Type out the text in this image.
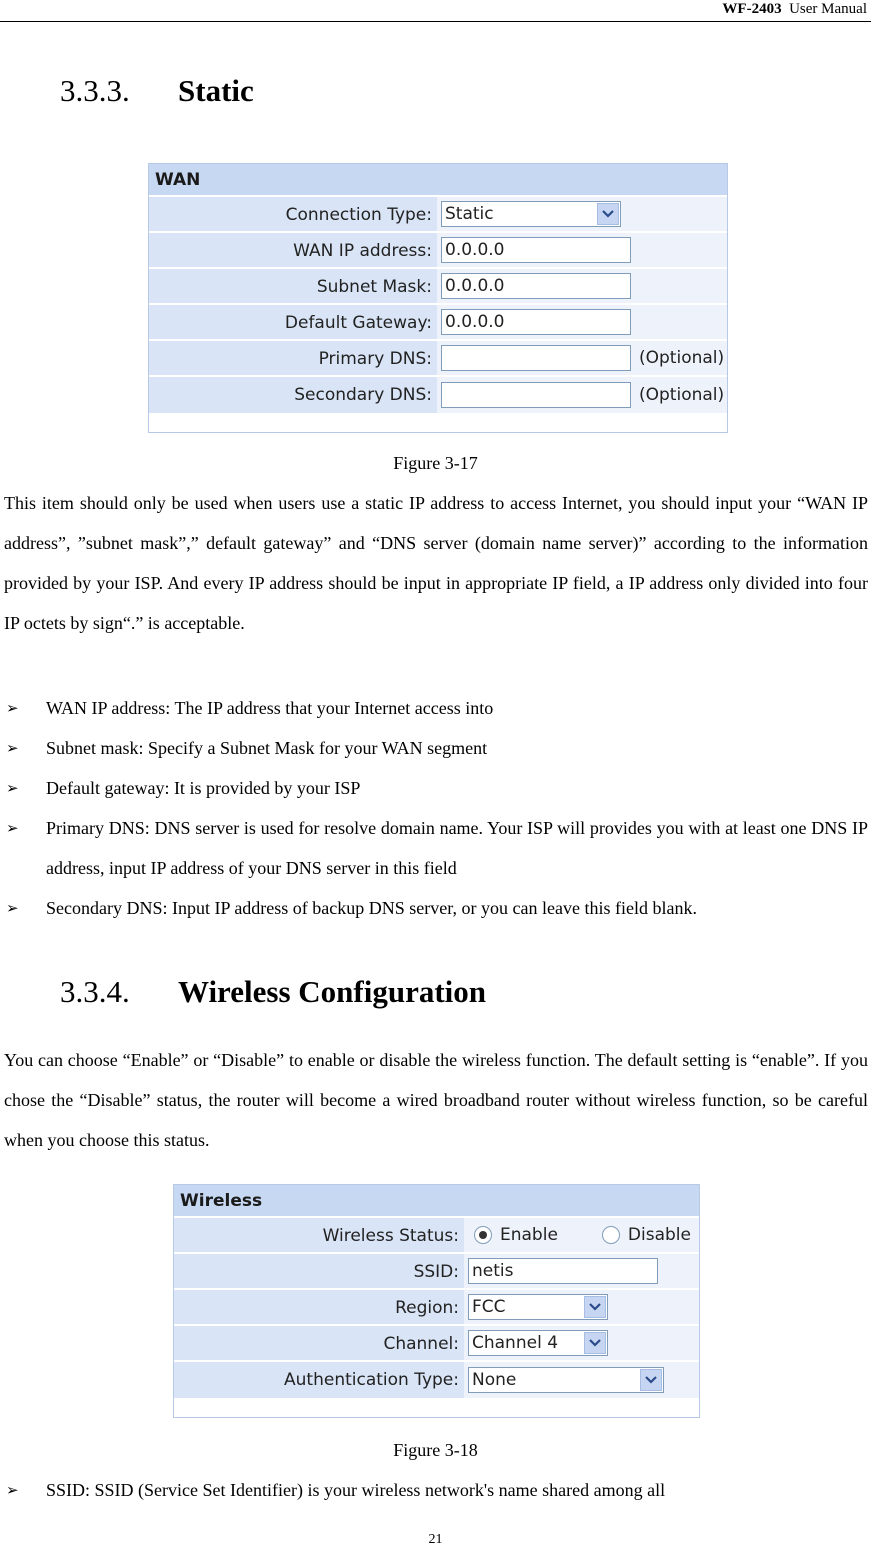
WF-2403 User Manual
3.3.3. Static
WAN
Connection Type: Static
WAN IP address: 0.0.0.0
Subnet Mask: 0.0.0.0
Default Gateway: 0.0.0.0
Primary DNS:	(Optional)
Secondary DNS:	(Optional)
Figure 3-17
This item should only be used when users use a static IP address to access Internet, you should input your “WAN IP address”, ”subnet mask”,” default gateway” and “DNS server (domain name server)” according to the information provided by your ISP. And every IP address should be input in appropriate IP field, a IP address only divided into four IP octets by sign“.” is acceptable.
➢ WAN IP address: The IP address that your Internet access into
➢ Subnet mask: Specify a Subnet Mask for your WAN segment
➢ Default gateway: It is provided by your ISP
➢ Primary DNS: DNS server is used for resolve domain name. Your ISP will provides you with at least one DNS IP address, input IP address of your DNS server in this field
➢ Secondary DNS: Input IP address of backup DNS server, or you can leave this field blank.
3.3.4. Wireless Configuration
You can choose “Enable” or “Disable” to enable or disable the wireless function. The default setting is “enable”. If you chose the “Disable” status, the router will become a wired broadband router without wireless function, so be careful when you choose this status.
Wireless
Wireless Status: Enable	Disable
SSID: netis
Region: FCC
Channel: Channel 4
Authentication Type: None
Figure 3-18
➢ SSID: SSID (Service Set Identifier) is your wireless network's name shared among all
21
